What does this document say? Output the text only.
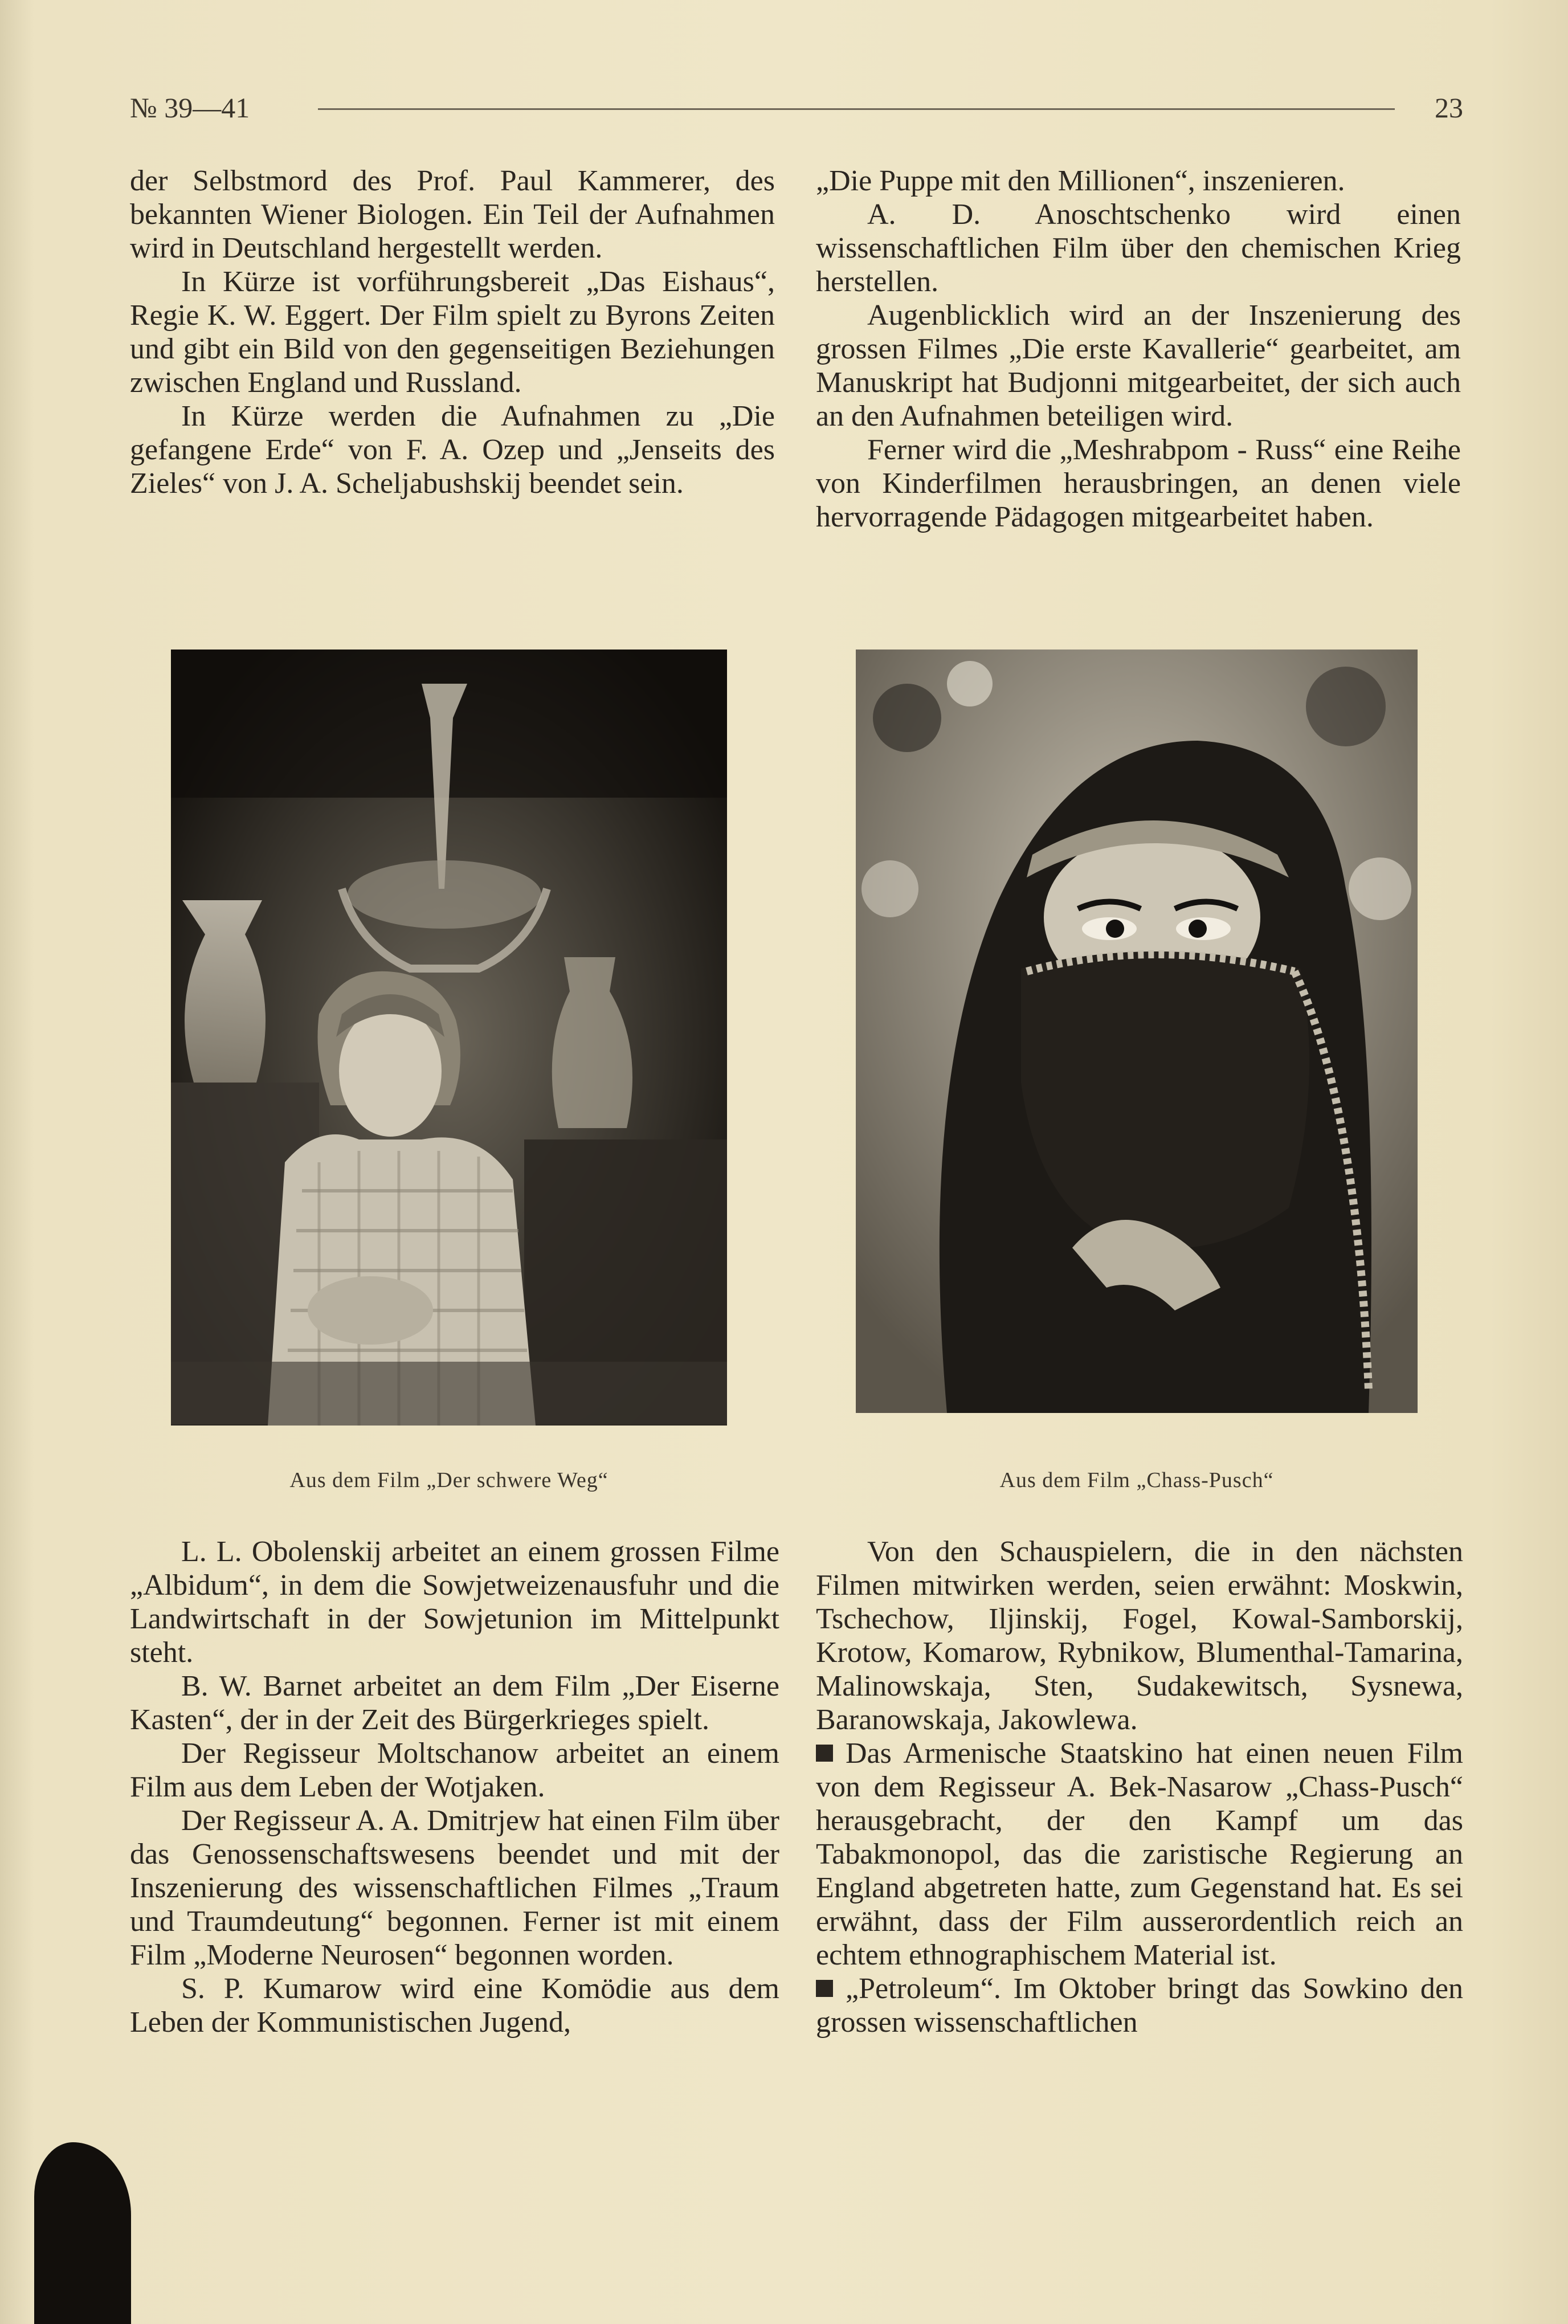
№ 39—41	23

der Selbstmord des Prof. Paul Kammerer, des bekannten Wiener Biologen. Ein Teil der Aufnahmen wird in Deutschland hergestellt werden.

In Kürze ist vorführungsbereit „Das Eishaus“, Regie K. W. Eggert. Der Film spielt zu Byrons Zeiten und gibt ein Bild von den gegenseitigen Beziehungen zwischen England und Russland.

In Kürze werden die Aufnahmen zu „Die gefangene Erde“ von F. A. Ozep und „Jenseits des Zieles“ von J. A. Scheljabushskij beendet sein.

„Die Puppe mit den Millionen“, inszenieren.

A. D. Anoschtschenko wird einen wissenschaftlichen Film über den chemischen Krieg herstellen.

Augenblicklich wird an der Inszenierung des grossen Filmes „Die erste Kavallerie“ gearbeitet, am Manuskript hat Budjonni mitgearbeitet, der sich auch an den Aufnahmen beteiligen wird.

Ferner wird die „Meshrabpom - Russ“ eine Reihe von Kinderfilmen herausbringen, an denen viele hervorragende Pädagogen mitgearbeitet haben.

Aus dem Film „Der schwere Weg“	Aus dem Film „Chass-Pusch“

L. L. Obolenskij arbeitet an einem grossen Filme „Albidum“, in dem die Sowjetweizenausfuhr und die Landwirtschaft in der Sowjetunion im Mittelpunkt steht.

B. W. Barnet arbeitet an dem Film „Der Eiserne Kasten“, der in der Zeit des Bürgerkrieges spielt.

Der Regisseur Moltschanow arbeitet an einem Film aus dem Leben der Wotjaken.

Der Regisseur A. A. Dmitrjew hat einen Film über das Genossenschaftswesens beendet und mit der Inszenierung des wissenschaftlichen Filmes „Traum und Traumdeutung“ begonnen. Ferner ist mit einem Film „Moderne Neurosen“ begonnen worden.

S. P. Kumarow wird eine Komödie aus dem Leben der Kommunistischen Jugend,

Von den Schauspielern, die in den nächsten Filmen mitwirken werden, seien erwähnt: Moskwin, Tschechow, Iljinskij, Fogel, Kowal-Samborskij, Krotow, Komarow, Rybnikow, Blumenthal-Tamarina, Malinowskaja, Sten, Sudakewitsch, Sysnewa, Baranowskaja, Jakowlewa.

Das Armenische Staatskino hat einen neuen Film von dem Regisseur A. Bek-Nasarow „Chass-Pusch“ herausgebracht, der den Kampf um das Tabakmonopol, das die zaristische Regierung an England abgetreten hatte, zum Gegenstand hat. Es sei erwähnt, dass der Film ausserordentlich reich an echtem ethnographischem Material ist.

„Petroleum“. Im Oktober bringt das Sowkino den grossen wissenschaftlichen
